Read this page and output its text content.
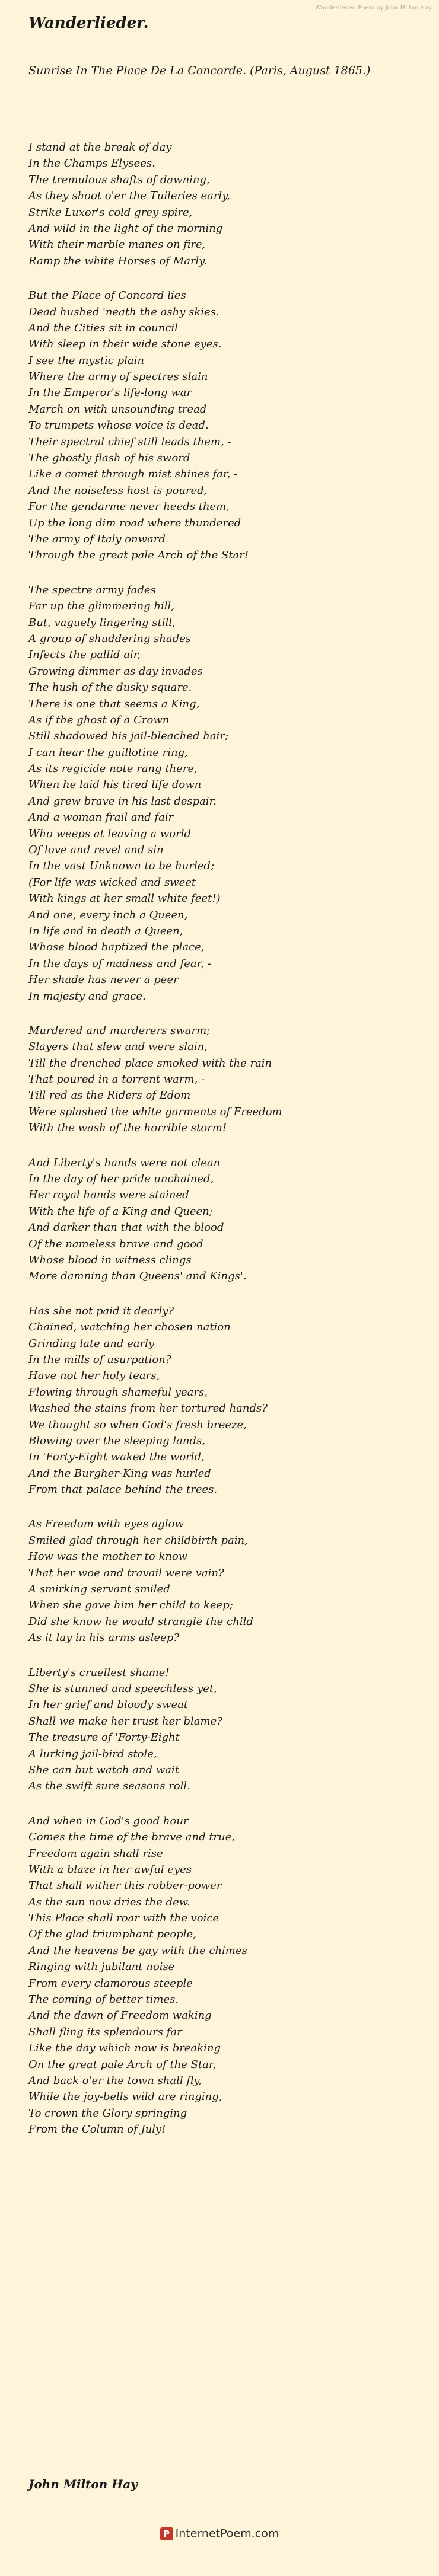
Wanderlieder. Poem by John Milton Hay
Wanderlieder.
Sunrise In The Place De La Concorde. (Paris, August 1865.)
I stand at the break of day
In the Champs Elysees.
The tremulous shafts of dawning,
As they shoot o'er the Tuileries early,
Strike Luxor's cold grey spire,
And wild in the light of the morning
With their marble manes on fire,
Ramp the white Horses of Marly.
But the Place of Concord lies
Dead hushed 'neath the ashy skies.
And the Cities sit in council
With sleep in their wide stone eyes.
I see the mystic plain
Where the army of spectres slain
In the Emperor's life-long war
March on with unsounding tread
To trumpets whose voice is dead.
Their spectral chief still leads them, -
The ghostly flash of his sword
Like a comet through mist shines far, -
And the noiseless host is poured,
For the gendarme never heeds them,
Up the long dim road where thundered
The army of Italy onward
Through the great pale Arch of the Star!
The spectre army fades
Far up the glimmering hill,
But, vaguely lingering still,
A group of shuddering shades
Infects the pallid air,
Growing dimmer as day invades
The hush of the dusky square.
There is one that seems a King,
As if the ghost of a Crown
Still shadowed his jail-bleached hair;
I can hear the guillotine ring,
As its regicide note rang there,
When he laid his tired life down
And grew brave in his last despair.
And a woman frail and fair
Who weeps at leaving a world
Of love and revel and sin
In the vast Unknown to be hurled;
(For life was wicked and sweet
With kings at her small white feet!)
And one, every inch a Queen,
In life and in death a Queen,
Whose blood baptized the place,
In the days of madness and fear, -
Her shade has never a peer
In majesty and grace.
Murdered and murderers swarm;
Slayers that slew and were slain,
Till the drenched place smoked with the rain
That poured in a torrent warm, -
Till red as the Riders of Edom
Were splashed the white garments of Freedom
With the wash of the horrible storm!
And Liberty's hands were not clean
In the day of her pride unchained,
Her royal hands were stained
With the life of a King and Queen;
And darker than that with the blood
Of the nameless brave and good
Whose blood in witness clings
More damning than Queens' and Kings'.
Has she not paid it dearly?
Chained, watching her chosen nation
Grinding late and early
In the mills of usurpation?
Have not her holy tears,
Flowing through shameful years,
Washed the stains from her tortured hands?
We thought so when God's fresh breeze,
Blowing over the sleeping lands,
In 'Forty-Eight waked the world,
And the Burgher-King was hurled
From that palace behind the trees.
As Freedom with eyes aglow
Smiled glad through her childbirth pain,
How was the mother to know
That her woe and travail were vain?
A smirking servant smiled
When she gave him her child to keep;
Did she know he would strangle the child
As it lay in his arms asleep?
Liberty's cruellest shame!
She is stunned and speechless yet,
In her grief and bloody sweat
Shall we make her trust her blame?
The treasure of 'Forty-Eight
A lurking jail-bird stole,
She can but watch and wait
As the swift sure seasons roll.
And when in God's good hour
Comes the time of the brave and true,
Freedom again shall rise
With a blaze in her awful eyes
That shall wither this robber-power
As the sun now dries the dew.
This Place shall roar with the voice
Of the glad triumphant people,
And the heavens be gay with the chimes
Ringing with jubilant noise
From every clamorous steeple
The coming of better times.
And the dawn of Freedom waking
Shall fling its splendours far
Like the day which now is breaking
On the great pale Arch of the Star,
And back o'er the town shall fly,
While the joy-bells wild are ringing,
To crown the Glory springing
From the Column of July!
John Milton Hay
P InternetPoem.com
